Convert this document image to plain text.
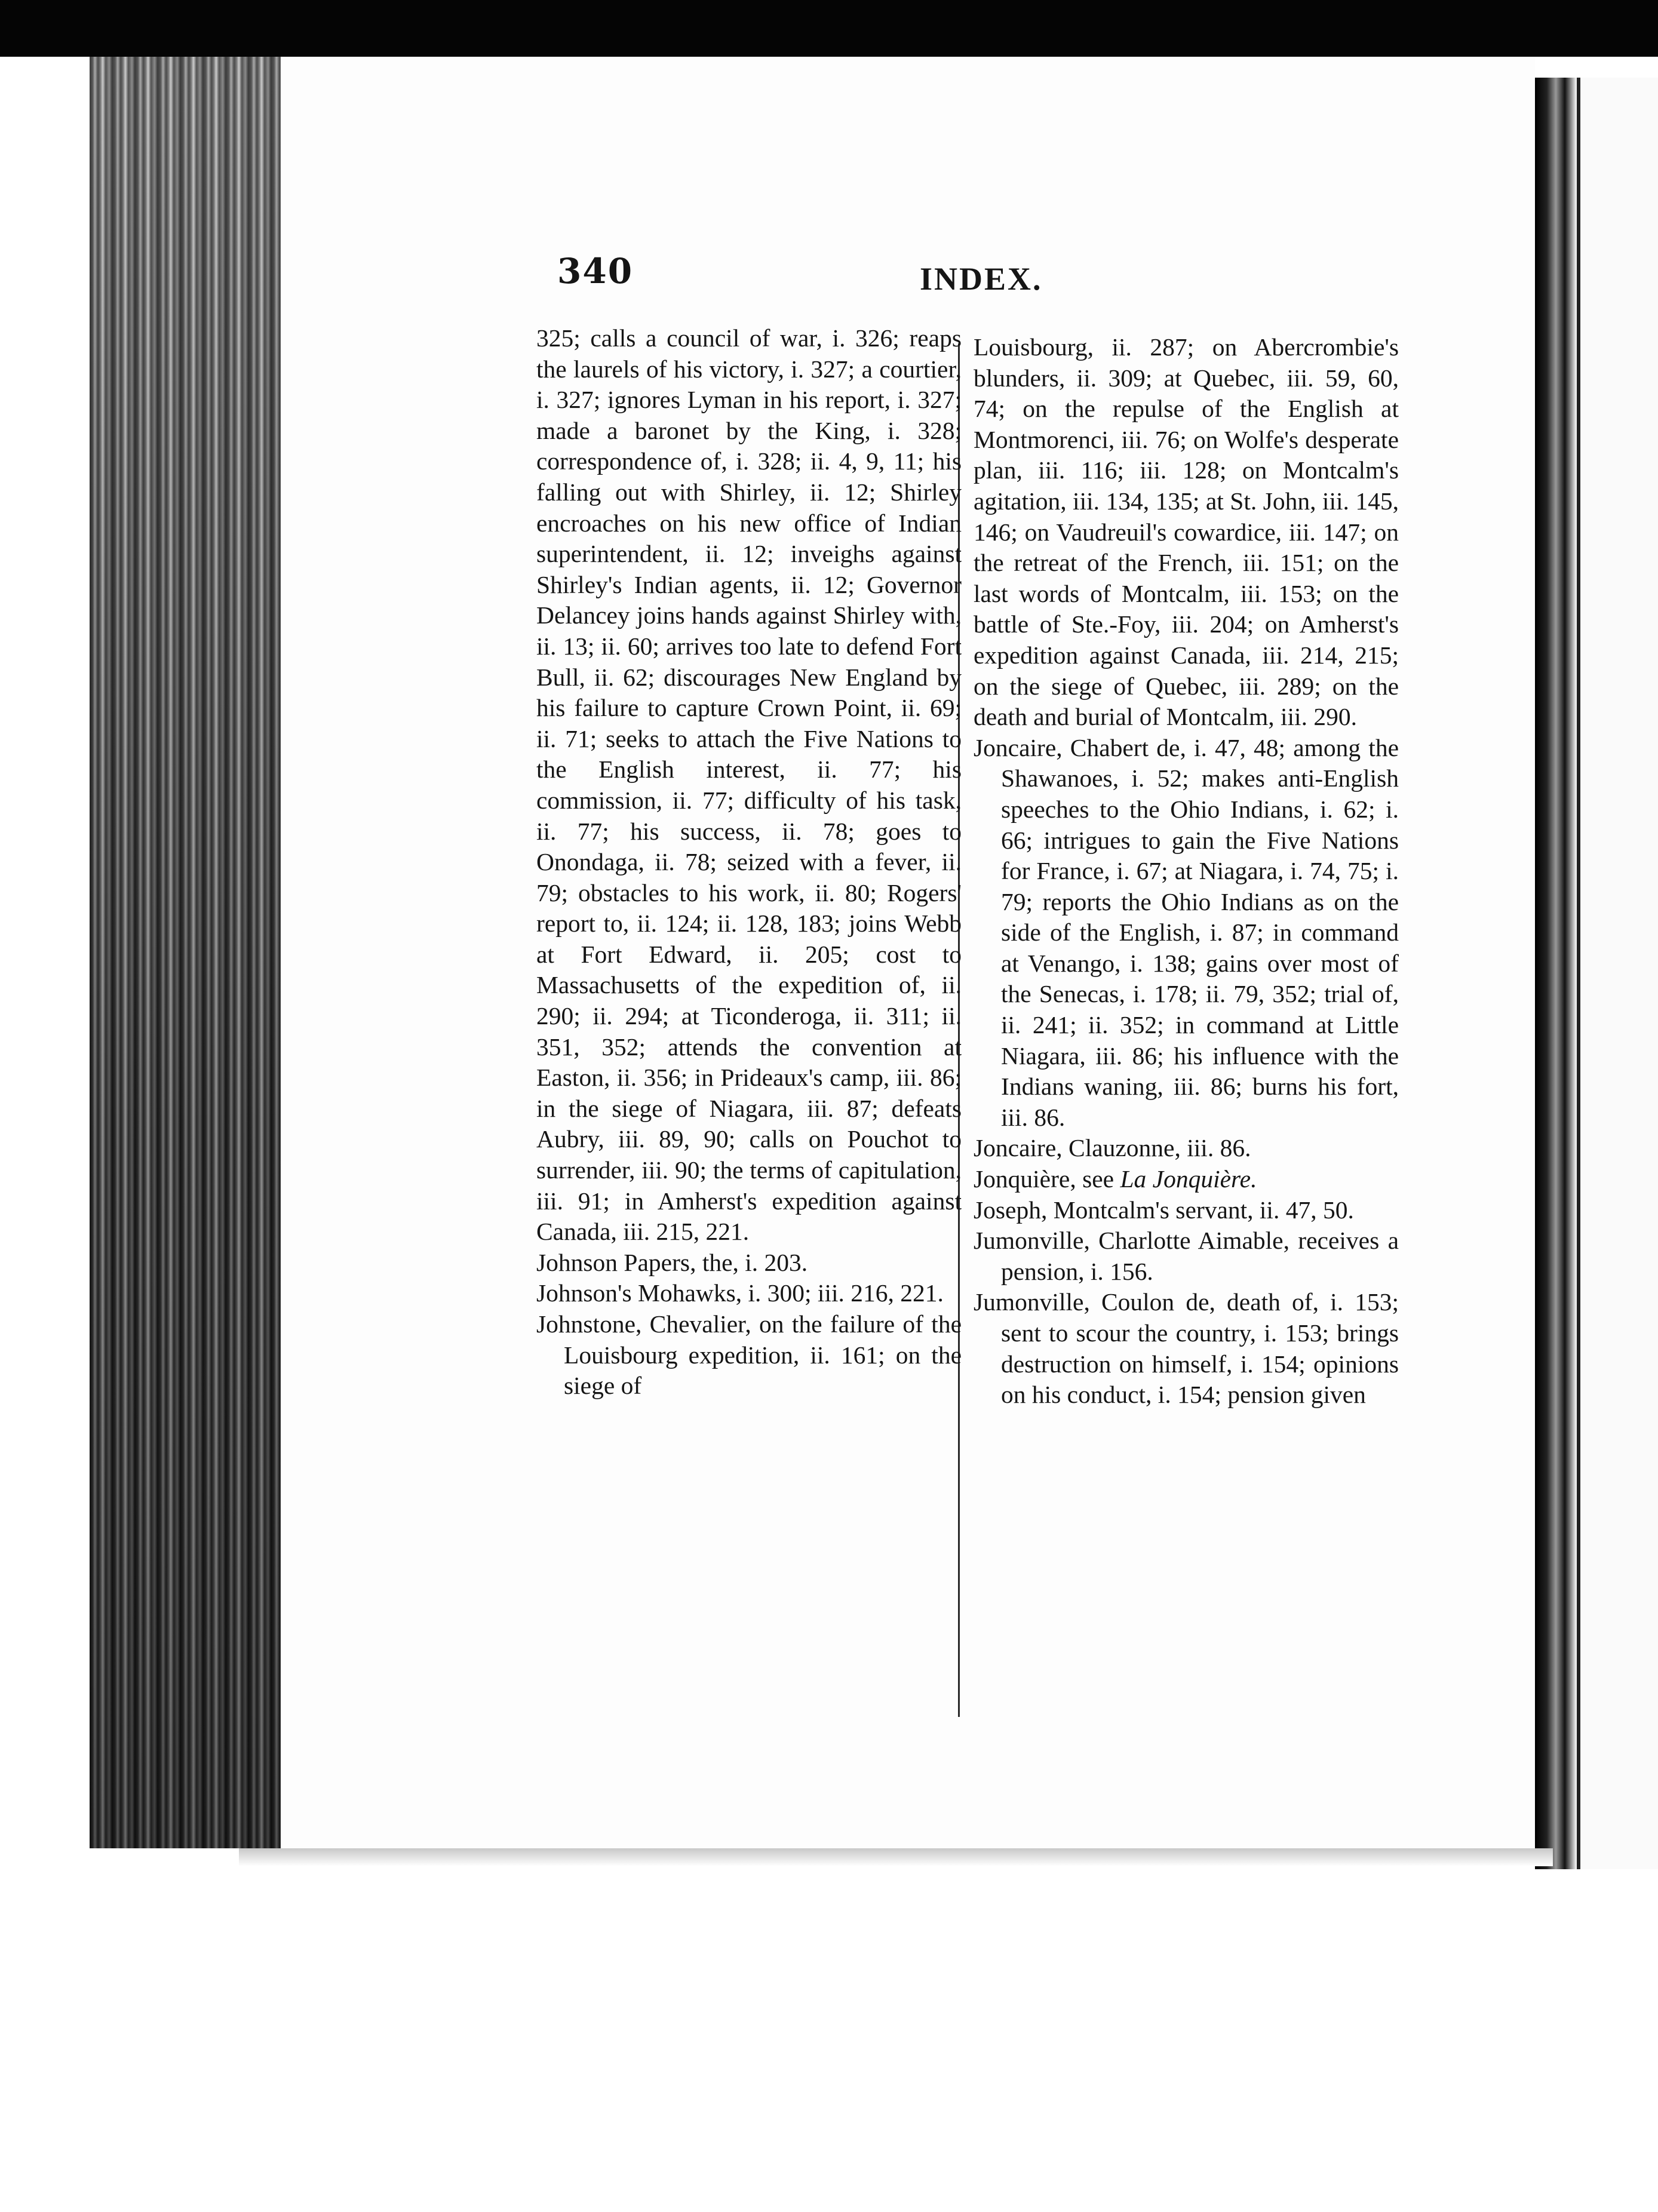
340	INDEX.
325; calls a council of war, i. 326; reaps the laurels of his victory, i. 327; a courtier, i. 327; ignores Lyman in his report, i. 327; made a baronet by the King, i. 328; correspondence of, i. 328; ii. 4, 9, 11; his falling out with Shirley, ii. 12; Shirley encroaches on his new office of Indian superintendent, ii. 12; inveighs against Shirley's Indian agents, ii. 12; Governor Delancey joins hands against Shirley with, ii. 13; ii. 60; arrives too late to defend Fort Bull, ii. 62; discourages New England by his failure to capture Crown Point, ii. 69; ii. 71; seeks to attach the Five Nations to the English interest, ii. 77; his commission, ii. 77; difficulty of his task, ii. 77; his success, ii. 78; goes to Onondaga, ii. 78; seized with a fever, ii. 79; obstacles to his work, ii. 80; Rogers' report to, ii. 124; ii. 128, 183; joins Webb at Fort Edward, ii. 205; cost to Massachusetts of the expedition of, ii. 290; ii. 294; at Ticonderoga, ii. 311; ii. 351, 352; attends the convention at Easton, ii. 356; in Prideaux's camp, iii. 86; in the siege of Niagara, iii. 87; defeats Aubry, iii. 89, 90; calls on Pouchot to surrender, iii. 90; the terms of capitulation, iii. 91; in Amherst's expedition against Canada, iii. 215, 221.
Johnson Papers, the, i. 203.
Johnson's Mohawks, i. 300; iii. 216, 221.
Johnstone, Chevalier, on the failure of the Louisbourg expedition, ii. 161; on the siege of
Louisbourg, ii. 287; on Abercrombie's blunders, ii. 309; at Quebec, iii. 59, 60, 74; on the repulse of the English at Montmorenci, iii. 76; on Wolfe's desperate plan, iii. 116; iii. 128; on Montcalm's agitation, iii. 134, 135; at St. John, iii. 145, 146; on Vaudreuil's cowardice, iii. 147; on the retreat of the French, iii. 151; on the last words of Montcalm, iii. 153; on the battle of Ste.-Foy, iii. 204; on Amherst's expedition against Canada, iii. 214, 215; on the siege of Quebec, iii. 289; on the death and burial of Montcalm, iii. 290.
Joncaire, Chabert de, i. 47, 48; among the Shawanoes, i. 52; makes anti-English speeches to the Ohio Indians, i. 62; i. 66; intrigues to gain the Five Nations for France, i. 67; at Niagara, i. 74, 75; i. 79; reports the Ohio Indians as on the side of the English, i. 87; in command at Venango, i. 138; gains over most of the Senecas, i. 178; ii. 79, 352; trial of, ii. 241; ii. 352; in command at Little Niagara, iii. 86; his influence with the Indians waning, iii. 86; burns his fort, iii. 86.
Joncaire, Clauzonne, iii. 86.
Jonquière, see La Jonquière.
Joseph, Montcalm's servant, ii. 47, 50.
Jumonville, Charlotte Aimable, receives a pension, i. 156.
Jumonville, Coulon de, death of, i. 153; sent to scour the country, i. 153; brings destruction on himself, i. 154; opinions on his conduct, i. 154; pension given
